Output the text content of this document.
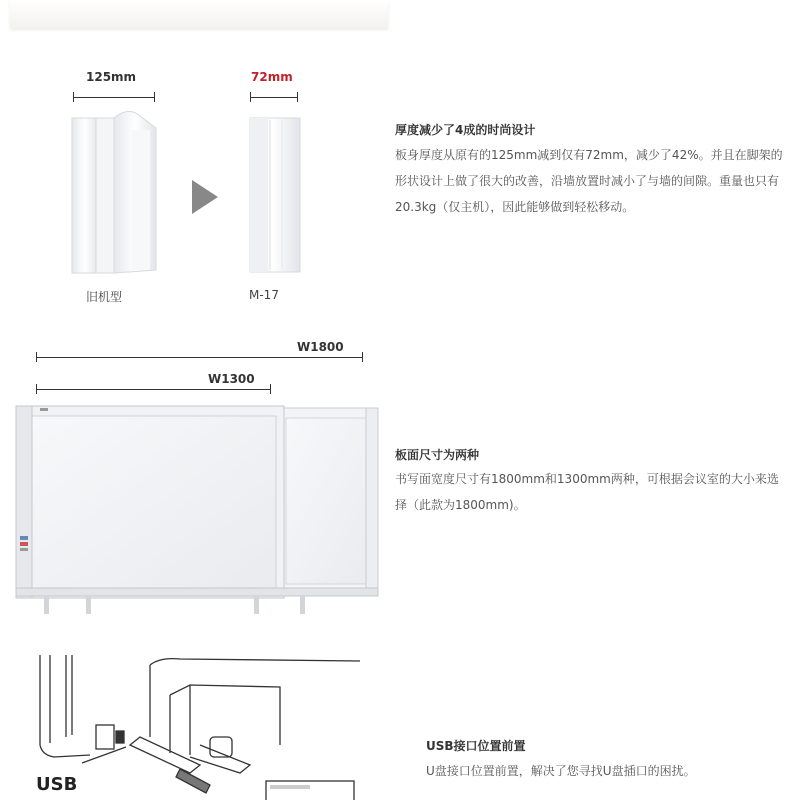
125mm	72mm
旧机型	M-17
厚度减少了4成的时尚设计
板身厚度从原有的125mm减到仅有72mm，减少了42%。并且在脚架的形状设计上做了很大的改善，沿墙放置时减小了与墙的间隙。重量也只有20.3kg（仅主机），因此能够做到轻松移动。
W1800
W1300
板面尺寸为两种
书写面宽度尺寸有1800mm和1300mm两种，可根据会议室的大小来选择（此款为1800mm)。
USB
USB接口位置前置
U盘接口位置前置，解决了您寻找U盘插口的困扰。
